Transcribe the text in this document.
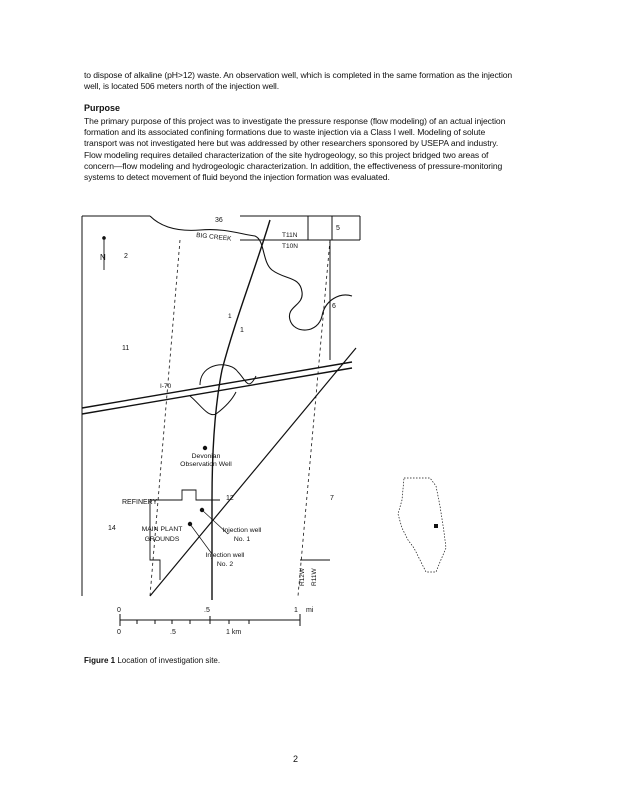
to dispose of alkaline (pH>12) waste. An observation well, which is completed in the same formation as the injection well, is located 506 meters north of the injection well.
Purpose
The primary purpose of this project was to investigate the pressure response (flow modeling) of an actual injection formation and its associated confining formations due to waste injection via a Class I well. Modeling of solute transport was not investigated here but was addressed by other researchers sponsored by USEPA and industry. Flow modeling requires detailed characterization of the site hydrogeology, so this project bridged two areas of concern—flow modeling and hydrogeologic characterization. In addition, the effectiveness of pressure-monitoring systems to detect movement of fluid beyond the injection formation was evaluated.
36
2
1
11
12
14
6
5
7
BIG CREEK	T11N
T10N
R12W R11W
I-70
1
N
REFINERY
Devonian Observation Well
MAIN PLANT GROUNDS
Injection well No. 1
Injection well No. 2
0	.5	1 mi
0	.5	1 km
Figure 1 Location of investigation site.
2
